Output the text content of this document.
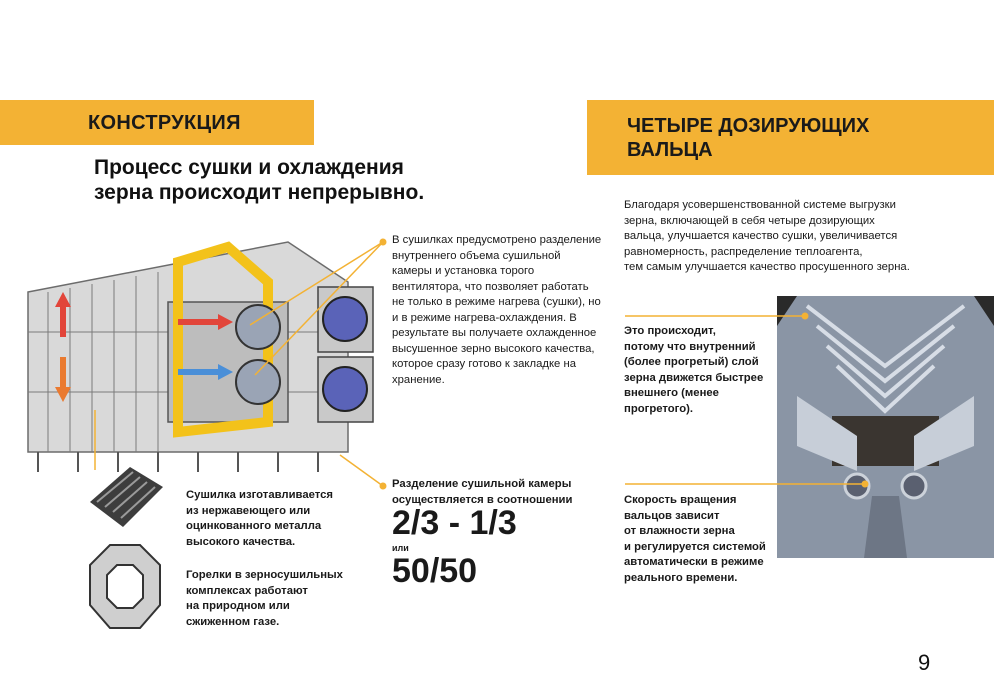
КОНСТРУКЦИЯ	ЧЕТЫРЕ ДОЗИРУЮЩИХ
ВАЛЬЦА
Процесс сушки и охлаждения
зерна происходит непрерывно.
В сушилках предусмотрено разделение внутреннего объема сушильной камеры и установка торого вентилятора, что позволяет работать не только в режиме нагрева (сушки), но и в режиме нагрева-охлаждения. В результате вы получаете охлажденное высушенное зерно высокого качества, которое сразу готово к закладке на хранение.
Разделение сушильной камеры осуществляется в соотношении
2/3 - 1/3
или
50/50
Сушилка изготавливается
из нержавеющего или
оцинкованного металла
высокого качества.
Горелки в зерносушильных
комплексах работают
на природном или
сжиженном газе.
Благодаря усовершенствованной системе выгрузки
зерна, включающей в себя четыре дозирующих
вальца, улучшается качество сушки, увеличивается
равномерность, распределение теплоагента,
тем самым улучшается качество просушенного зерна.
Это происходит,
потому что внутренний
(более прогретый) слой
зерна движется быстрее
внешнего (менее
прогретого).
Скорость вращения
вальцов зависит
от влажности зерна
и регулируется системой
автоматически в режиме
реального времени.
9
